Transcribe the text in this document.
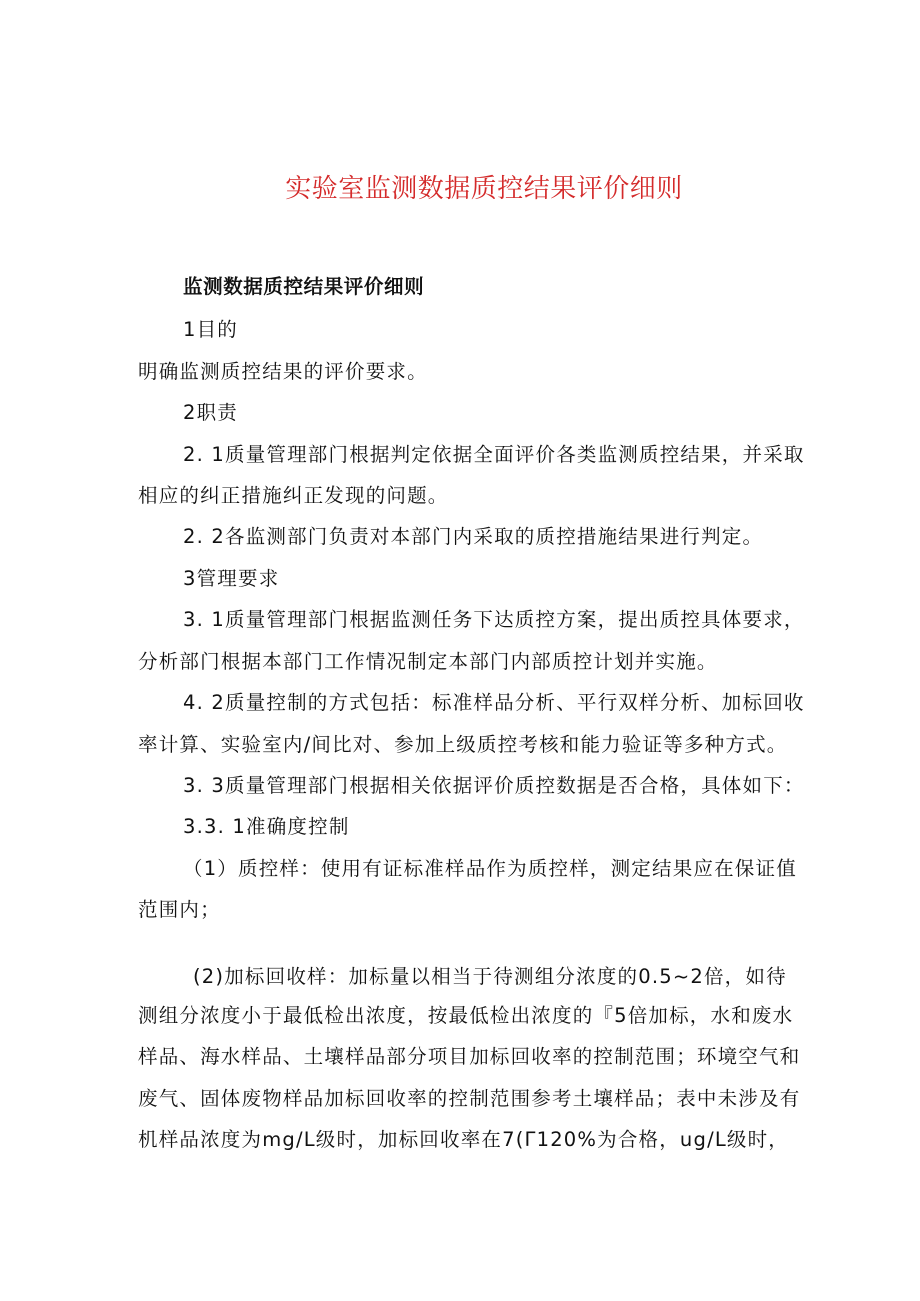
实验室监测数据质控结果评价细则
监测数据质控结果评价细则
1目的
明确监测质控结果的评价要求。
2职责
2. 1质量管理部门根据判定依据全面评价各类监测质控结果，并采取
相应的纠正措施纠正发现的问题。
2. 2各监测部门负责对本部门内采取的质控措施结果进行判定。
3管理要求
3. 1质量管理部门根据监测任务下达质控方案，提出质控具体要求，
分析部门根据本部门工作情况制定本部门内部质控计划并实施。
4. 2质量控制的方式包括：标准样品分析、平行双样分析、加标回收
率计算、实验室内/间比对、参加上级质控考核和能力验证等多种方式。
3. 3质量管理部门根据相关依据评价质控数据是否合格，具体如下：
3.3. 1准确度控制
（1）质控样：使用有证标准样品作为质控样，测定结果应在保证值
范围内；
(2)加标回收样：加标量以相当于待测组分浓度的0.5~2倍，如待
测组分浓度小于最低检出浓度，按最低检出浓度的『5倍加标，水和废水
样品、海水样品、土壤样品部分项目加标回收率的控制范围；环境空气和
废气、固体废物样品加标回收率的控制范围参考土壤样品；表中未涉及有
机样品浓度为mg/L级时，加标回收率在7(Γ120%为合格，ug/L级时，
